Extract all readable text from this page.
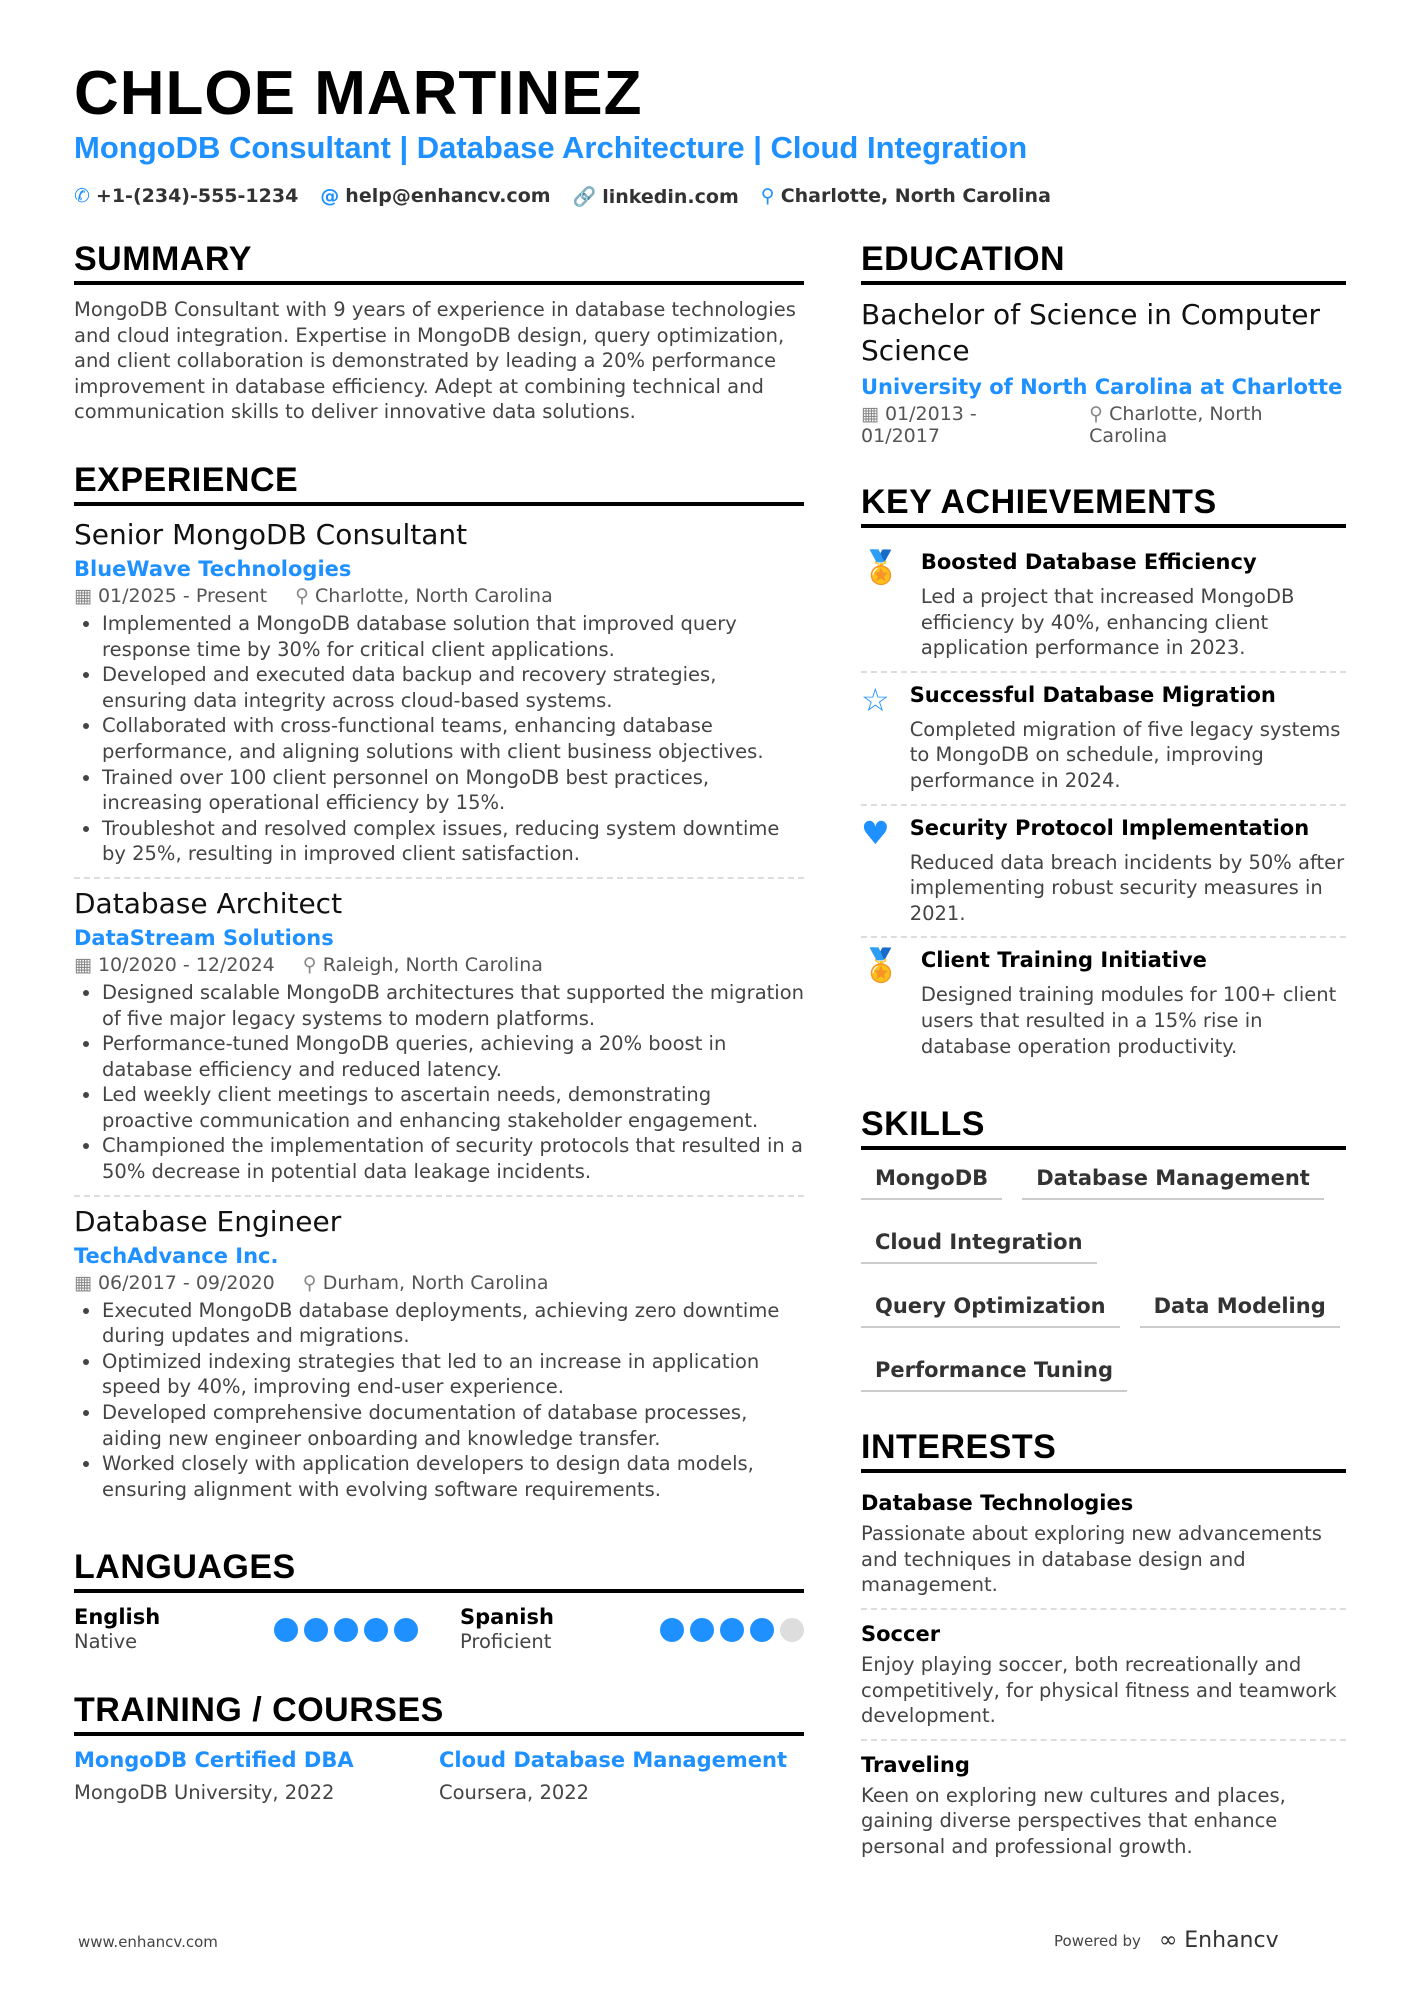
CHLOE MARTINEZ
MongoDB Consultant | Database Architecture | Cloud Integration
✆ +1-(234)-555-1234 @ help@enhancv.com 🔗 linkedin.com ⚲ Charlotte, North Carolina
SUMMARY

MongoDB Consultant with 9 years of experience in database technologies and cloud integration. Expertise in MongoDB design, query optimization, and client collaboration is demonstrated by leading a 20% performance improvement in database efficiency. Adept at combining technical and communication skills to deliver innovative data solutions.

EXPERIENCE
Senior MongoDB Consultant
BlueWave Technologies
▦ 01/2025 - Present ⚲ Charlotte, North Carolina
• Implemented a MongoDB database solution that improved query response time by 30% for critical client applications.
• Developed and executed data backup and recovery strategies, ensuring data integrity across cloud-based systems.
• Collaborated with cross-functional teams, enhancing database performance, and aligning solutions with client business objectives.
• Trained over 100 client personnel on MongoDB best practices, increasing operational efficiency by 15%.
• Troubleshot and resolved complex issues, reducing system downtime by 25%, resulting in improved client satisfaction.
Database Architect
DataStream Solutions
▦ 10/2020 - 12/2024 ⚲ Raleigh, North Carolina
• Designed scalable MongoDB architectures that supported the migration of five major legacy systems to modern platforms.
• Performance-tuned MongoDB queries, achieving a 20% boost in database efficiency and reduced latency.
• Led weekly client meetings to ascertain needs, demonstrating proactive communication and enhancing stakeholder engagement.
• Championed the implementation of security protocols that resulted in a 50% decrease in potential data leakage incidents.
Database Engineer
TechAdvance Inc.
▦ 06/2017 - 09/2020 ⚲ Durham, North Carolina
• Executed MongoDB database deployments, achieving zero downtime during updates and migrations.
• Optimized indexing strategies that led to an increase in application speed by 40%, improving end-user experience.
• Developed comprehensive documentation of database processes, aiding new engineer onboarding and knowledge transfer.
• Worked closely with application developers to design data models, ensuring alignment with evolving software requirements.
LANGUAGES
English

Native

Spanish

Proficient

TRAINING / COURSES
MongoDB Certified DBA

MongoDB University, 2022

Cloud Database Management

Coursera, 2022

EDUCATION
Bachelor of Science in Computer Science
University of North Carolina at Charlotte
▦ 01/2013 - 01/2017
⚲ Charlotte, North Carolina
KEY ACHIEVEMENTS
🏅 Boosted Database Efficiency

Led a project that increased MongoDB efficiency by 40%, enhancing client application performance in 2023.

☆ Successful Database Migration

Completed migration of five legacy systems to MongoDB on schedule, improving performance in 2024.

♥ Security Protocol Implementation

Reduced data breach incidents by 50% after implementing robust security measures in 2021.

🏅 Client Training Initiative

Designed training modules for 100+ client users that resulted in a 15% rise in database operation productivity.

SKILLS
MongoDB	Database Management
Cloud Integration
Query Optimization	Data Modeling
Performance Tuning
INTERESTS
Database Technologies

Passionate about exploring new advancements and techniques in database design and management.

Soccer

Enjoy playing soccer, both recreationally and competitively, for physical fitness and teamwork development.

Traveling

Keen on exploring new cultures and places, gaining diverse perspectives that enhance personal and professional growth.

www.enhancv.com	Powered by ∞ Enhancv
